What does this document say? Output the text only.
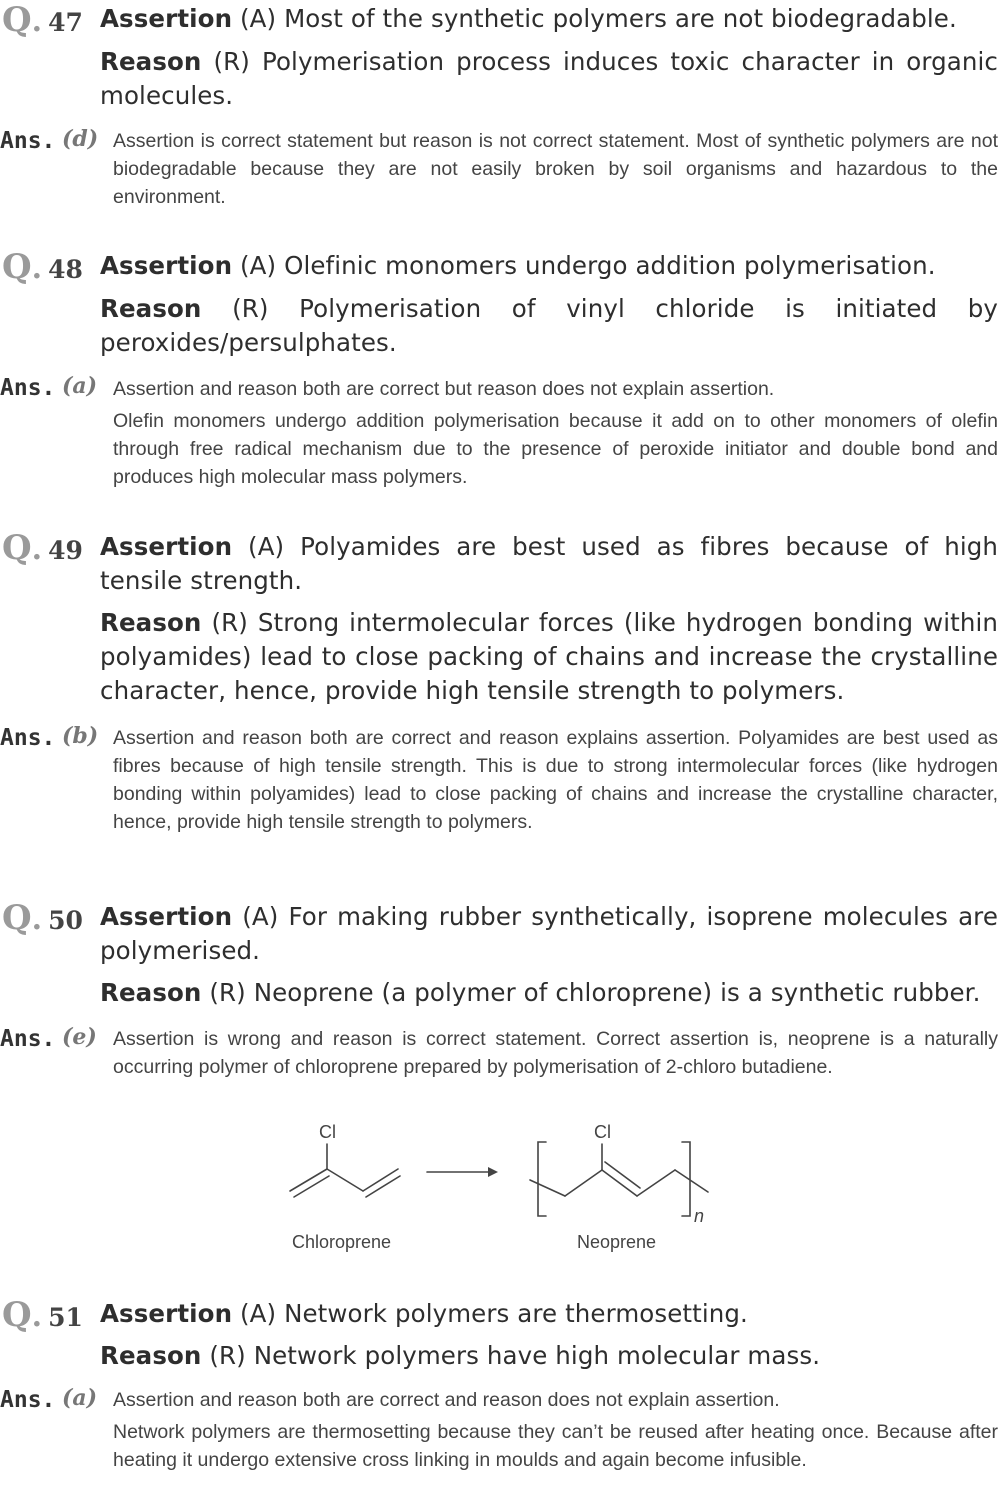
Q. 47 Assertion (A) Most of the synthetic polymers are not biodegradable.
Reason (R) Polymerisation process induces toxic character in organic molecules.
Ans. (d) Assertion is correct statement but reason is not correct statement. Most of synthetic polymers are not biodegradable because they are not easily broken by soil organisms and hazardous to the environment.
Q. 48 Assertion (A) Olefinic monomers undergo addition polymerisation.
Reason (R) Polymerisation of vinyl chloride is initiated by peroxides/persulphates.
Ans. (a) Assertion and reason both are correct but reason does not explain assertion.
Olefin monomers undergo addition polymerisation because it add on to other monomers of olefin through free radical mechanism due to the presence of peroxide initiator and double bond and produces high molecular mass polymers.
Q. 49 Assertion (A) Polyamides are best used as fibres because of high tensile strength.
Reason (R) Strong intermolecular forces (like hydrogen bonding within polyamides) lead to close packing of chains and increase the crystalline character, hence, provide high tensile strength to polymers.
Ans. (b) Assertion and reason both are correct and reason explains assertion. Polyamides are best used as fibres because of high tensile strength. This is due to strong intermolecular forces (like hydrogen bonding within polyamides) lead to close packing of chains and increase the crystalline character, hence, provide high tensile strength to polymers.
Q. 50 Assertion (A) For making rubber synthetically, isoprene molecules are polymerised.
Reason (R) Neoprene (a polymer of chloroprene) is a synthetic rubber.
Ans. (e) Assertion is wrong and reason is correct statement. Correct assertion is, neoprene is a naturally occurring polymer of chloroprene prepared by polymerisation of 2-chloro butadiene.
Cl	Cl
n
Chloroprene	Neoprene
Q. 51 Assertion (A) Network polymers are thermosetting.
Reason (R) Network polymers have high molecular mass.
Ans. (a) Assertion and reason both are correct and reason does not explain assertion.
Network polymers are thermosetting because they can’t be reused after heating once. Because after heating it undergo extensive cross linking in moulds and again become infusible.
